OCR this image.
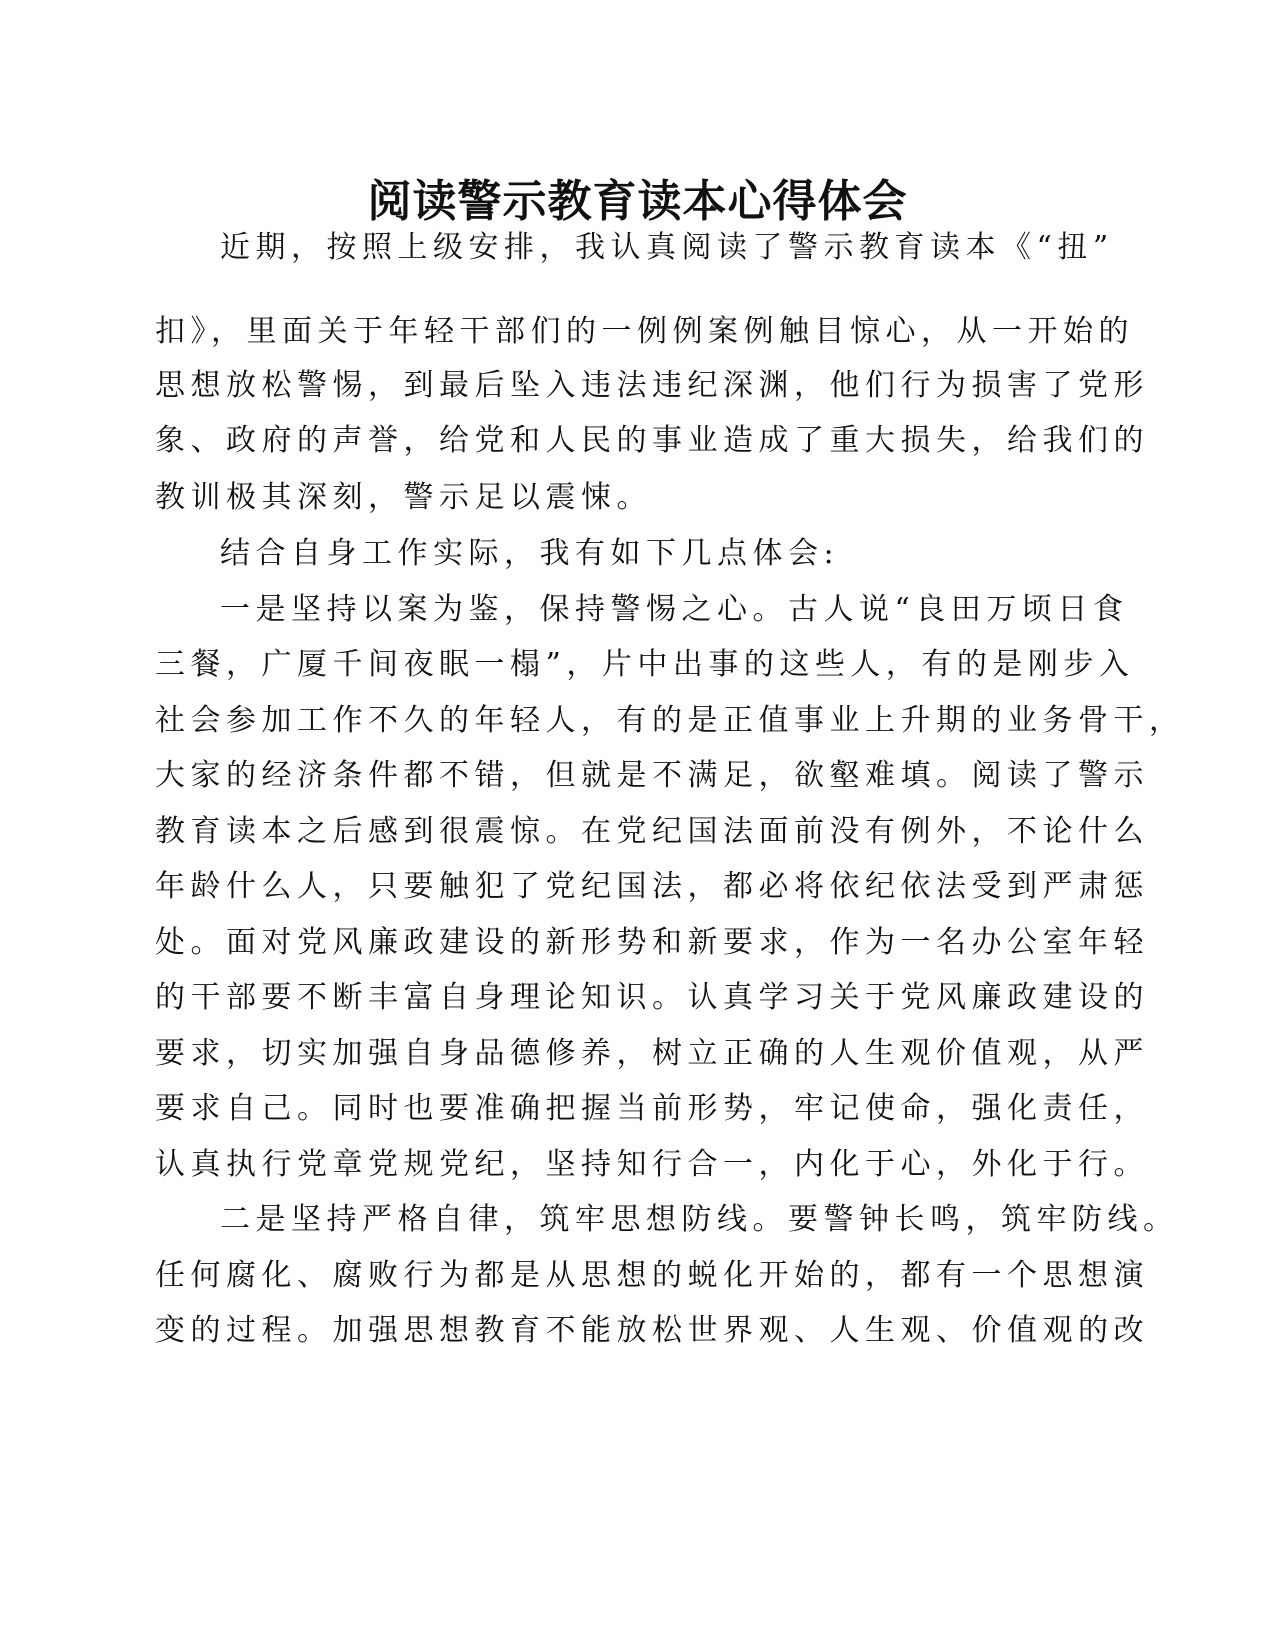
阅读警示教育读本心得体会
近期，按照上级安排，我认真阅读了警示教育读本《“扭”
扣》，里面关于年轻干部们的一例例案例触目惊心，从一开始的
思想放松警惕，到最后坠入违法违纪深渊，他们行为损害了党形
象、政府的声誉，给党和人民的事业造成了重大损失，给我们的
教训极其深刻，警示足以震悚。
结合自身工作实际，我有如下几点体会:
一是坚持以案为鉴，保持警惕之心。古人说“良田万顷日食
三餐，广厦千间夜眠一榻”，片中出事的这些人，有的是刚步入
社会参加工作不久的年轻人，有的是正值事业上升期的业务骨干，
大家的经济条件都不错，但就是不满足，欲壑难填。阅读了警示
教育读本之后感到很震惊。在党纪国法面前没有例外，不论什么
年龄什么人，只要触犯了党纪国法，都必将依纪依法受到严肃惩
处。面对党风廉政建设的新形势和新要求，作为一名办公室年轻
的干部要不断丰富自身理论知识。认真学习关于党风廉政建设的
要求，切实加强自身品德修养，树立正确的人生观价值观，从严
要求自己。同时也要准确把握当前形势，牢记使命，强化责任，
认真执行党章党规党纪，坚持知行合一，内化于心，外化于行。
二是坚持严格自律，筑牢思想防线。要警钟长鸣，筑牢防线。
任何腐化、腐败行为都是从思想的蜕化开始的，都有一个思想演
变的过程。加强思想教育不能放松世界观、人生观、价值观的改
